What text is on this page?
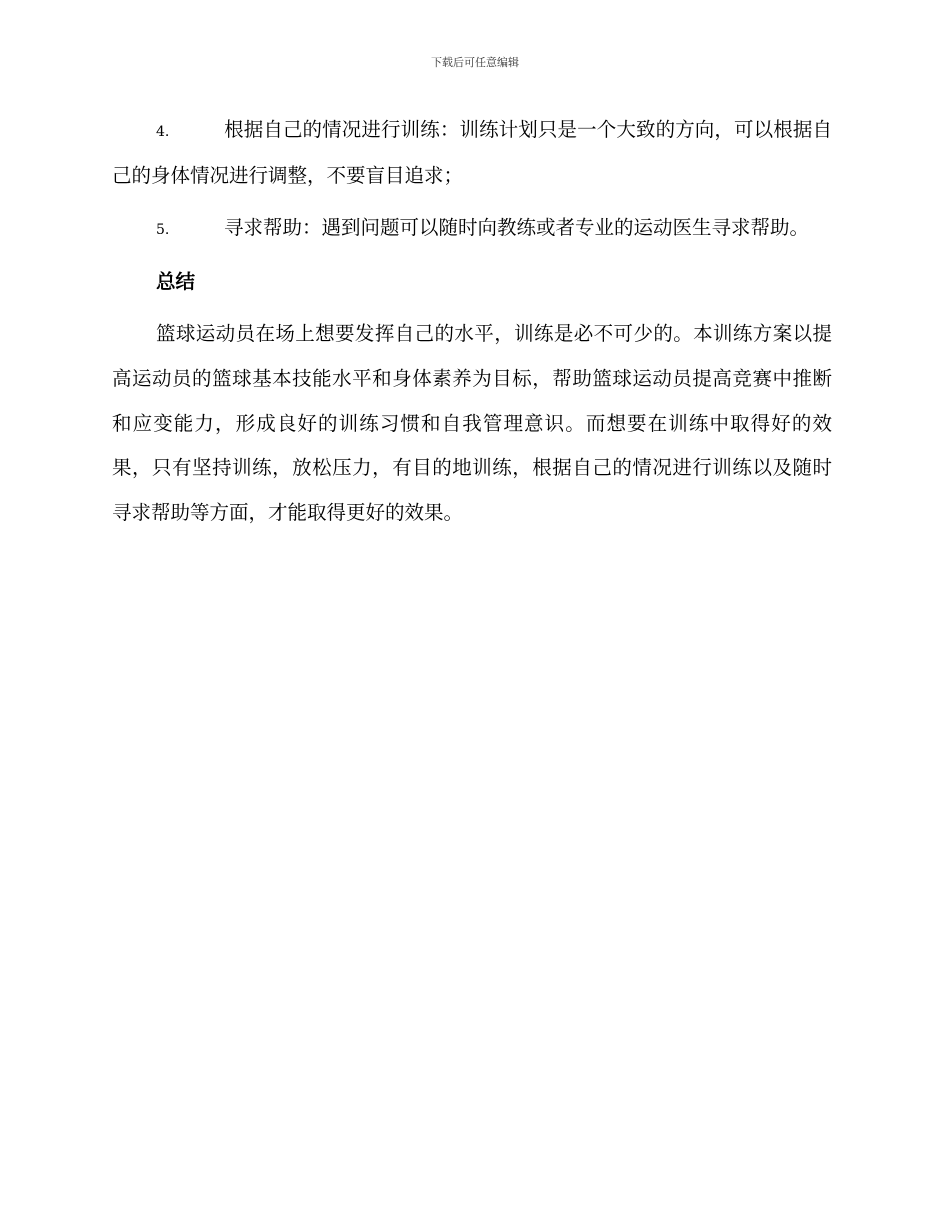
下载后可任意编辑

4.	根据自己的情况进行训练：训练计划只是一个大致的方向，可以根据自己的身体情况进行调整，不要盲目追求；

5.	寻求帮助：遇到问题可以随时向教练或者专业的运动医生寻求帮助。

总结

篮球运动员在场上想要发挥自己的水平，训练是必不可少的。本训练方案以提高运动员的篮球基本技能水平和身体素养为目标，帮助篮球运动员提高竞赛中推断和应变能力，形成良好的训练习惯和自我管理意识。而想要在训练中取得好的效果，只有坚持训练，放松压力，有目的地训练，根据自己的情况进行训练以及随时寻求帮助等方面，才能取得更好的效果。
